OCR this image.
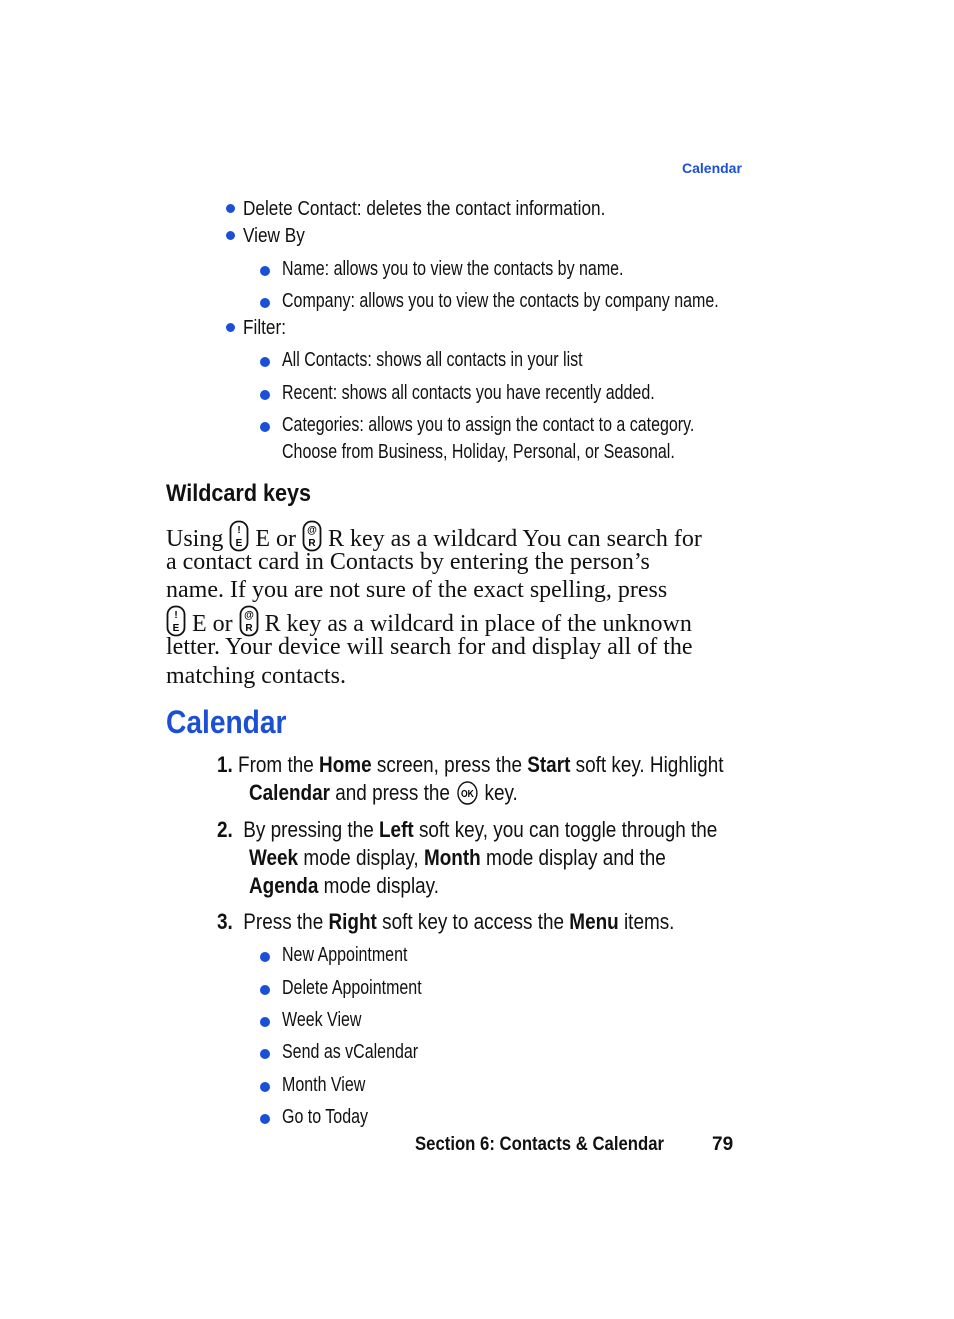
Calendar
Delete Contact: deletes the contact information.
View By
Name: allows you to view the contacts by name.
Company: allows you to view the contacts by company name.
Filter:
All Contacts: shows all contacts in your list
Recent: shows all contacts you have recently added.
Categories: allows you to assign the contact to a category.
Choose from Business, Holiday, Personal, or Seasonal.
Wildcard keys
Using !
E E or @
R R key as a wildcard You can search for
a contact card in Contacts by entering the person’s
name. If you are not sure of the exact spelling, press
!
E E or @
R R key as a wildcard in place of the unknown
letter. Your device will search for and display all of the
matching contacts.
Calendar
1. From the Home screen, press the Start soft key. Highlight
Calendar and press the OK key.
2. By pressing the Left soft key, you can toggle through the
Week mode display, Month mode display and the
Agenda mode display.
3. Press the Right soft key to access the Menu items.
New Appointment
Delete Appointment
Week View
Send as vCalendar
Month View
Go to Today
Section 6: Contacts & Calendar	79
